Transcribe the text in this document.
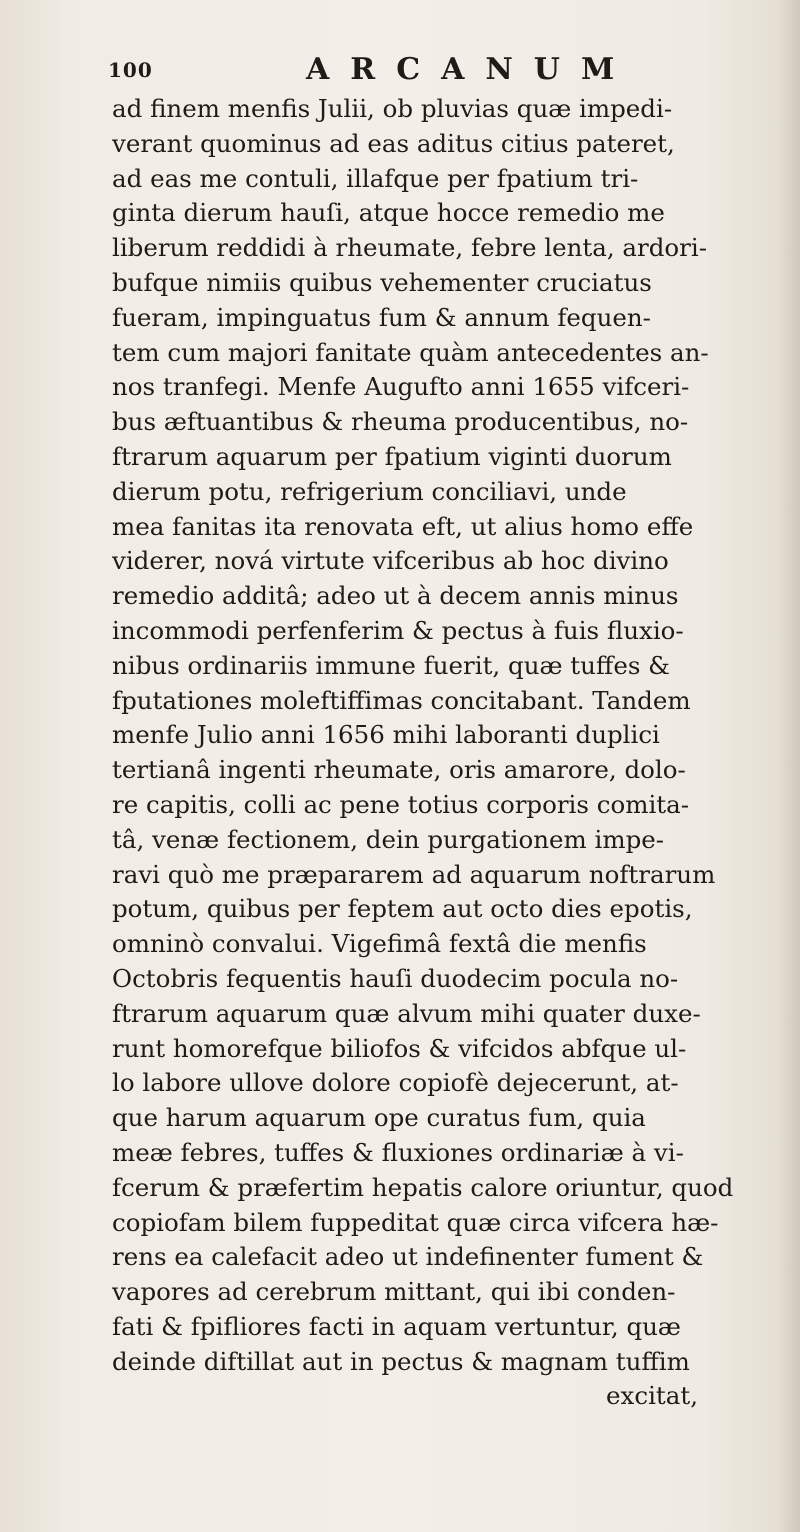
100	ARCANUM
ad finem menfis Julii, ob pluvias quæ impedi-
verant quominus ad eas aditus citius pateret,
ad eas me contuli, illafque per fpatium tri-
ginta dierum hauſi, atque hocce remedio me
liberum reddidi à rheumate, febre lenta, ardori-
bufque nimiis quibus vehementer cruciatus
fueram, impinguatus fum & annum fequen-
tem cum majori fanitate quàm antecedentes an-
nos tranfegi. Menfe Augufto anni 1655 vifceri-
bus æftuantibus & rheuma producentibus, no-
ftrarum aquarum per fpatium viginti duorum
dierum potu, refrigerium conciliavi, unde
mea fanitas ita renovata eft, ut alius homo effe
viderer, nová virtute vifceribus ab hoc divino
remedio additâ; adeo ut à decem annis minus
incommodi perfenferim & pectus à fuis fluxio-
nibus ordinariis immune fuerit, quæ tuffes &
fputationes moleftiffimas concitabant. Tandem
menfe Julio anni 1656 mihi laboranti duplici
tertianâ ingenti rheumate, oris amarore, dolo-
re capitis, colli ac pene totius corporis comita-
tâ, venæ fectionem, dein purgationem impe-
ravi quò me præpararem ad aquarum noftrarum
potum, quibus per feptem aut octo dies epotis,
omninò convalui. Vigefimâ fextâ die menfis
Octobris fequentis hauſi duodecim pocula no-
ftrarum aquarum quæ alvum mihi quater duxe-
runt homorefque biliofos & vifcidos abfque ul-
lo labore ullove dolore copiofè dejecerunt, at-
que harum aquarum ope curatus fum, quia
meæ febres, tuffes & fluxiones ordinariæ à vi-
fcerum & præfertim hepatis calore oriuntur, quod
copiofam bilem fuppeditat quæ circa vifcera hæ-
rens ea calefacit adeo ut indefinenter fument &
vapores ad cerebrum mittant, qui ibi conden-
fati & fpifliores facti in aquam vertuntur, quæ
deinde diftillat aut in pectus & magnam tuffim
excitat,
